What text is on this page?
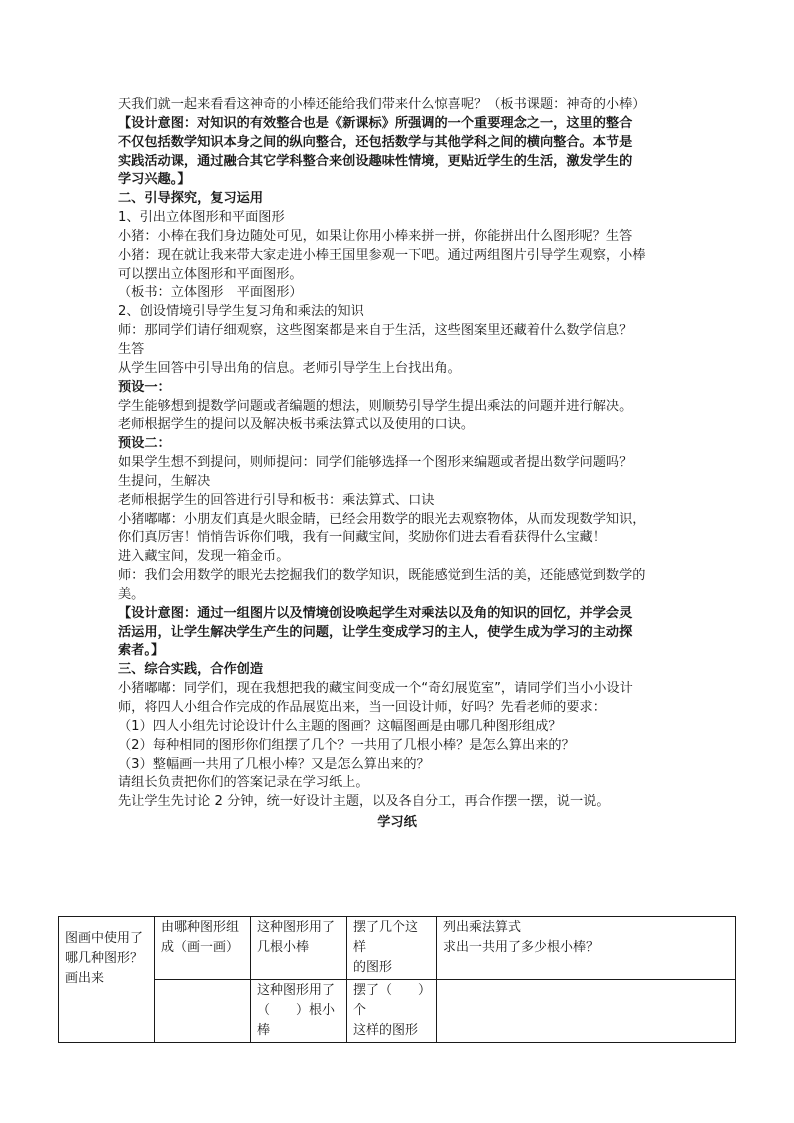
天我们就一起来看看这神奇的小棒还能给我们带来什么惊喜呢？（板书课题：神奇的小棒）

【设计意图：对知识的有效整合也是《新课标》所强调的一个重要理念之一，这里的整合

不仅包括数学知识本身之间的纵向整合，还包括数学与其他学科之间的横向整合。本节是

实践活动课，通过融合其它学科整合来创设趣味性情境，更贴近学生的生活，激发学生的

学习兴趣。】

二、引导探究，复习运用

1、引出立体图形和平面图形

小猪：小棒在我们身边随处可见，如果让你用小棒来拼一拼，你能拼出什么图形呢？生答

小猪：现在就让我来带大家走进小棒王国里参观一下吧。通过两组图片引导学生观察，小棒

可以摆出立体图形和平面图形。

（板书：立体图形　平面图形）

2、创设情境引导学生复习角和乘法的知识

师：那同学们请仔细观察，这些图案都是来自于生活，这些图案里还藏着什么数学信息？

生答

从学生回答中引导出角的信息。老师引导学生上台找出角。

预设一：

学生能够想到提数学问题或者编题的想法，则顺势引导学生提出乘法的问题并进行解决。

老师根据学生的提问以及解决板书乘法算式以及使用的口诀。

预设二：

如果学生想不到提问，则师提问：同学们能够选择一个图形来编题或者提出数学问题吗？

生提问，生解决

老师根据学生的回答进行引导和板书：乘法算式、口诀

小猪嘟嘟：小朋友们真是火眼金睛，已经会用数学的眼光去观察物体，从而发现数学知识，

你们真厉害！悄悄告诉你们哦，我有一间藏宝间，奖励你们进去看看获得什么宝藏！

进入藏宝间，发现一箱金币。

师：我们会用数学的眼光去挖掘我们的数学知识，既能感觉到生活的美，还能感觉到数学的

美。

【设计意图：通过一组图片以及情境创设唤起学生对乘法以及角的知识的回忆，并学会灵

活运用，让学生解决学生产生的问题，让学生变成学习的主人，使学生成为学习的主动探

索者。】

三、综合实践，合作创造

小猪嘟嘟：同学们，现在我想把我的藏宝间变成一个“奇幻展览室”，请同学们当小小设计

师，将四人小组合作完成的作品展览出来，当一回设计师，好吗？先看老师的要求：

（1）四人小组先讨论设计什么主题的图画？这幅图画是由哪几种图形组成？

（2）每种相同的图形你们组摆了几个？一共用了几根小棒？是怎么算出来的？

（3）整幅画一共用了几根小棒？又是怎么算出来的？

请组长负责把你们的答案记录在学习纸上。

先让学生先讨论 2 分钟，统一好设计主题，以及各自分工，再合作摆一摆，说一说。

学习纸
图画中使用了
哪几种图形？
画出来	由哪种图形组
成（画一画）	这种图形用了
几根小棒	摆了几个这样
的图形	列出乘法算式
求出一共用了多少根小棒？

		这种图形用了
（　　）根小棒	摆了（　　）个
这样的图形	
